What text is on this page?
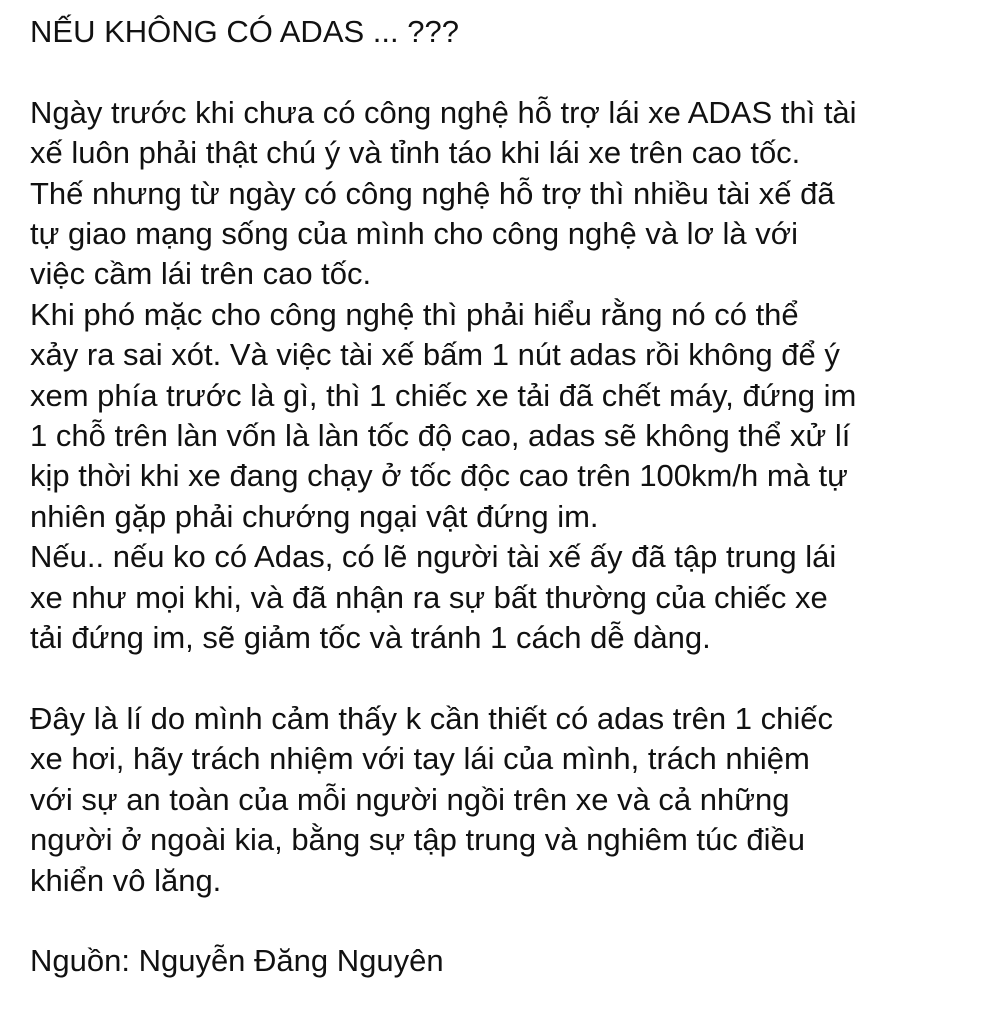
NẾU KHÔNG CÓ ADAS ... ???
Ngày trước khi chưa có công nghệ hỗ trợ lái xe ADAS thì tài
xế luôn phải thật chú ý và tỉnh táo khi lái xe trên cao tốc.
Thế nhưng từ ngày có công nghệ hỗ trợ thì nhiều tài xế đã
tự giao mạng sống của mình cho công nghệ và lơ là với
việc cầm lái trên cao tốc.
Khi phó mặc cho công nghệ thì phải hiểu rằng nó có thể
xảy ra sai xót. Và việc tài xế bấm 1 nút adas rồi không để ý
xem phía trước là gì, thì 1 chiếc xe tải đã chết máy, đứng im
1 chỗ trên làn vốn là làn tốc độ cao, adas sẽ không thể xử lí
kịp thời khi xe đang chạy ở tốc độc cao trên 100km/h mà tự
nhiên gặp phải chướng ngại vật đứng im.
Nếu.. nếu ko có Adas, có lẽ người tài xế ấy đã tập trung lái
xe như mọi khi, và đã nhận ra sự bất thường của chiếc xe
tải đứng im, sẽ giảm tốc và tránh 1 cách dễ dàng.
Đây là lí do mình cảm thấy k cần thiết có adas trên 1 chiếc
xe hơi, hãy trách nhiệm với tay lái của mình, trách nhiệm
với sự an toàn của mỗi người ngồi trên xe và cả những
người ở ngoài kia, bằng sự tập trung và nghiêm túc điều
khiển vô lăng.
Nguồn: Nguyễn Đăng Nguyên
